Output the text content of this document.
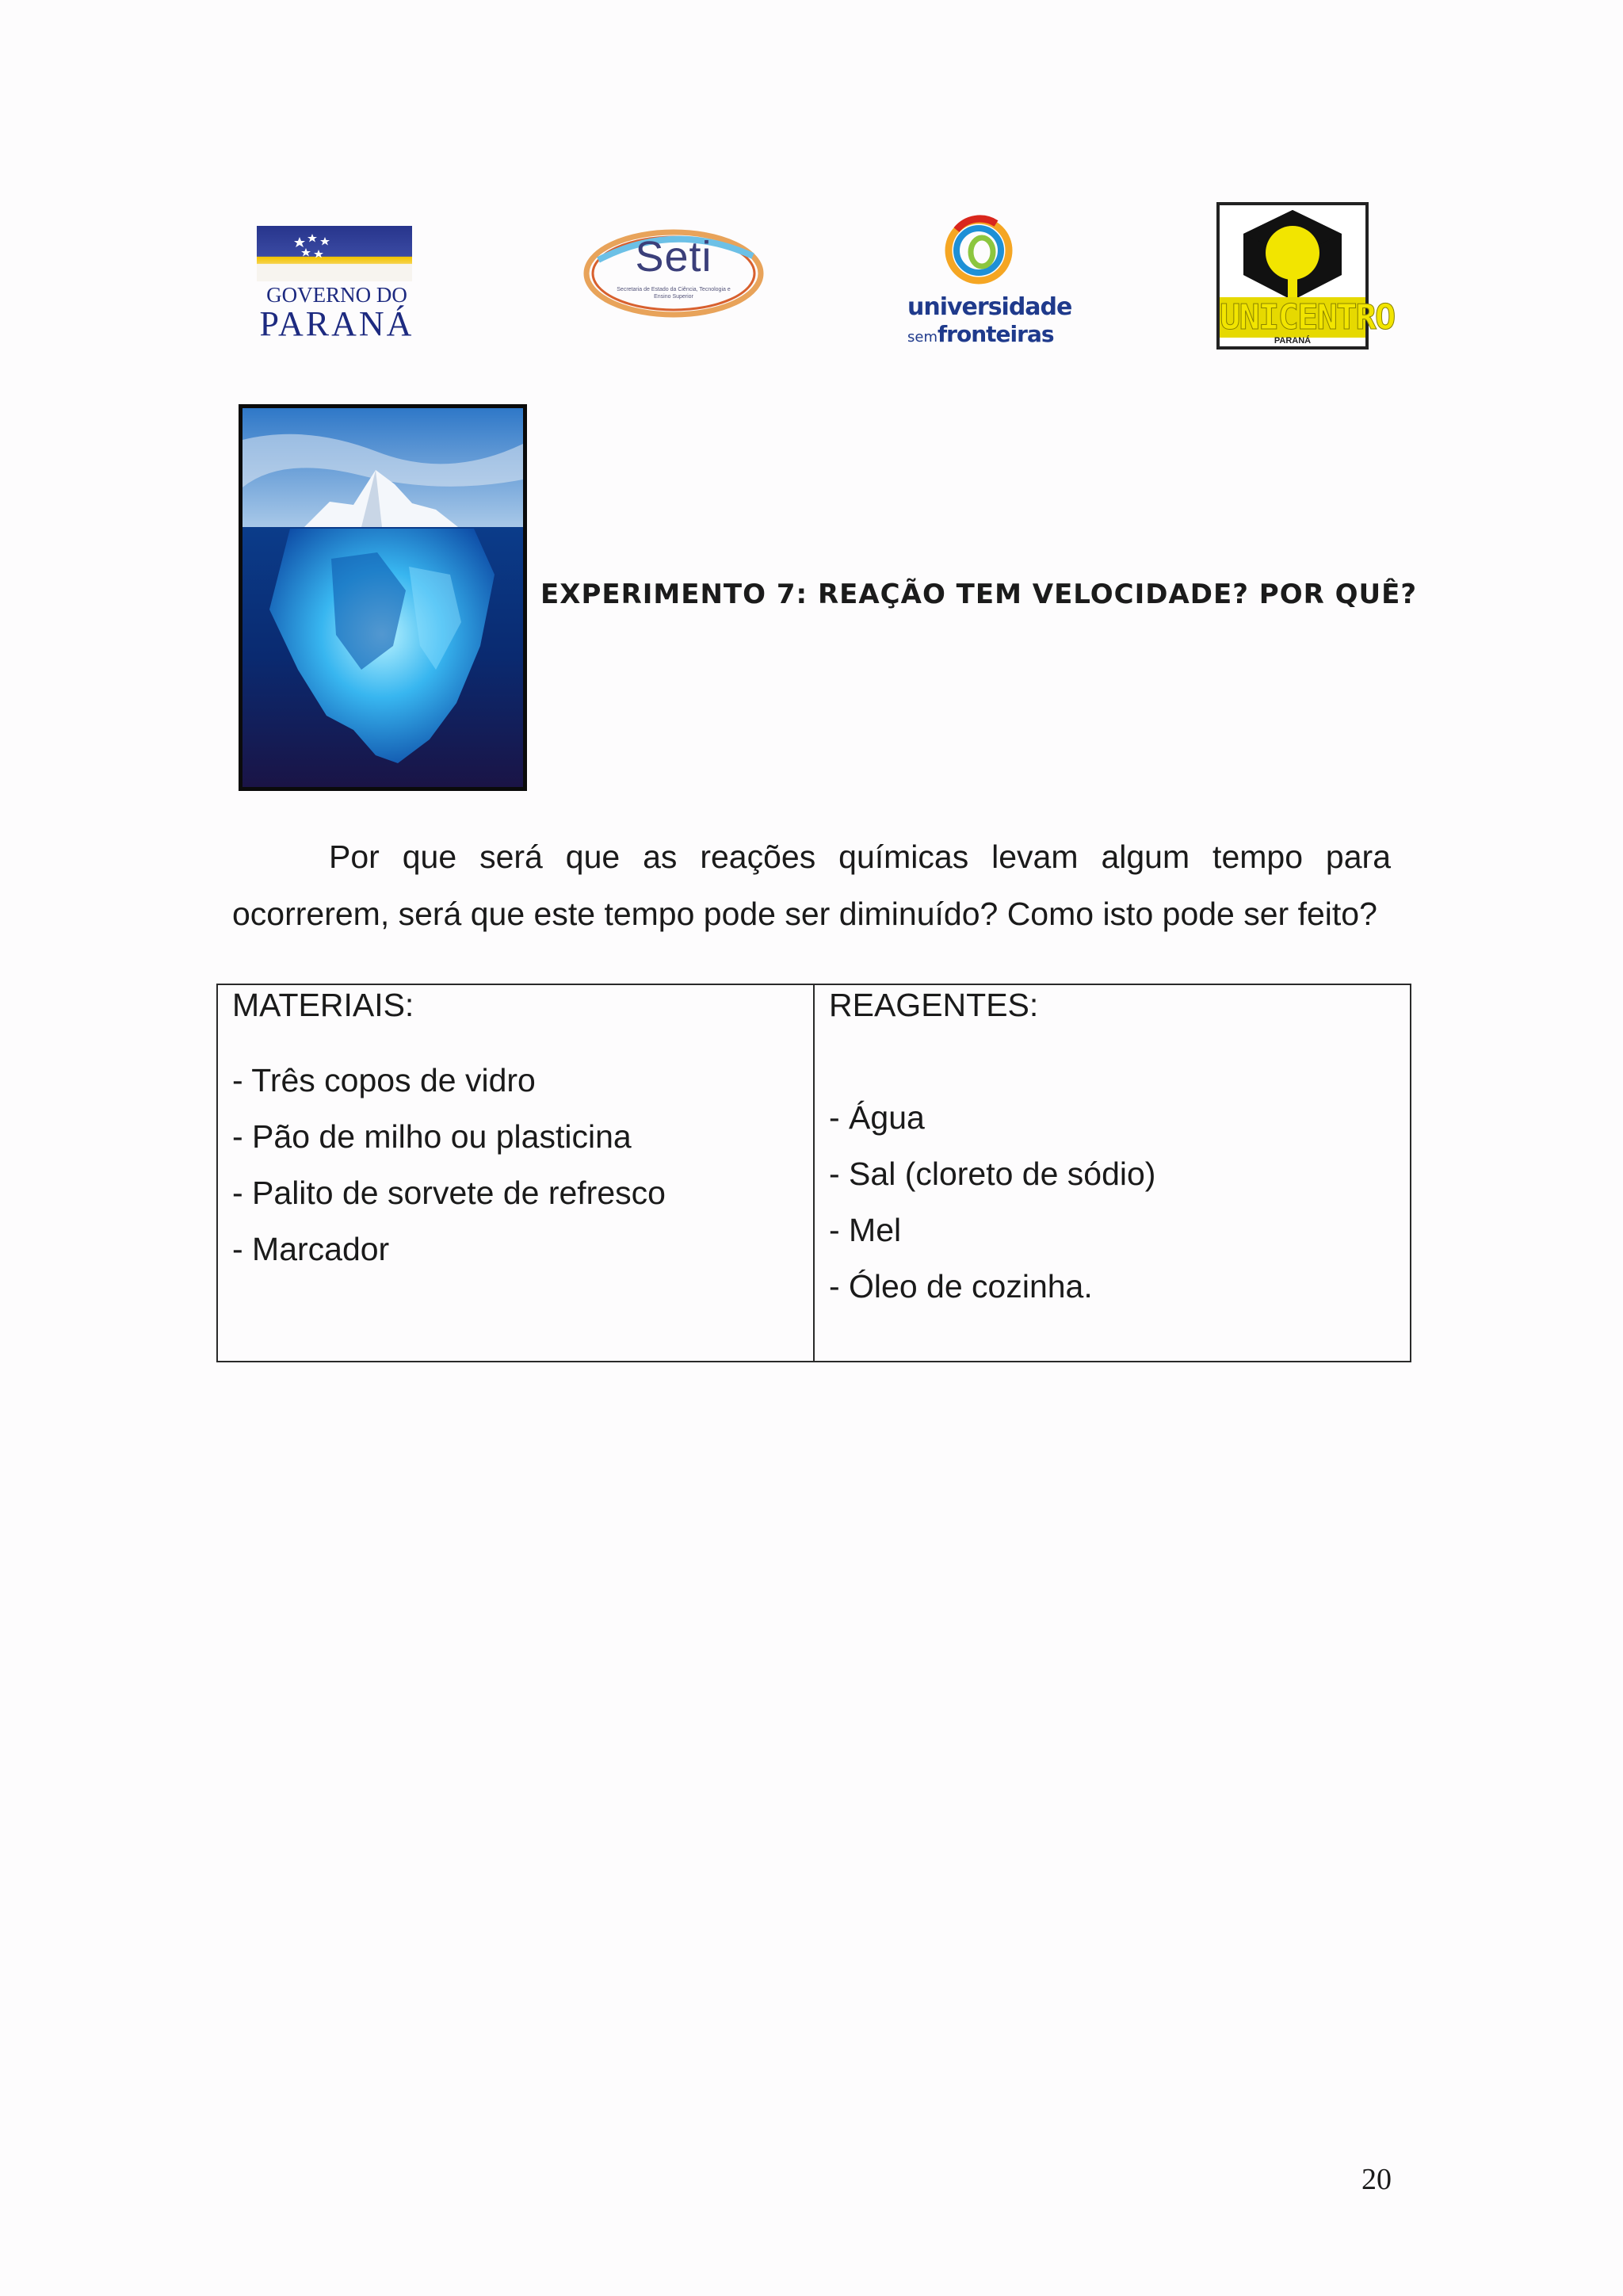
GOVERNO DO
PARANÁ
Seti
Secretaria de Estado da Ciência, Tecnologia e Ensino Superior	universidade
semfronteiras	UNICENTRO
PARANÁ
EXPERIMENTO 7: REAÇÃO TEM VELOCIDADE? POR QUÊ?
Por que será que as reações químicas levam algum tempo para
ocorrerem, será que este tempo pode ser diminuído? Como isto pode ser feito?
MATERIAIS:
- Três copos de vidro
- Pão de milho ou plasticina
- Palito de sorvete de refresco
- Marcador
REAGENTES:
- Água
- Sal (cloreto de sódio)
- Mel
- Óleo de cozinha.
20
